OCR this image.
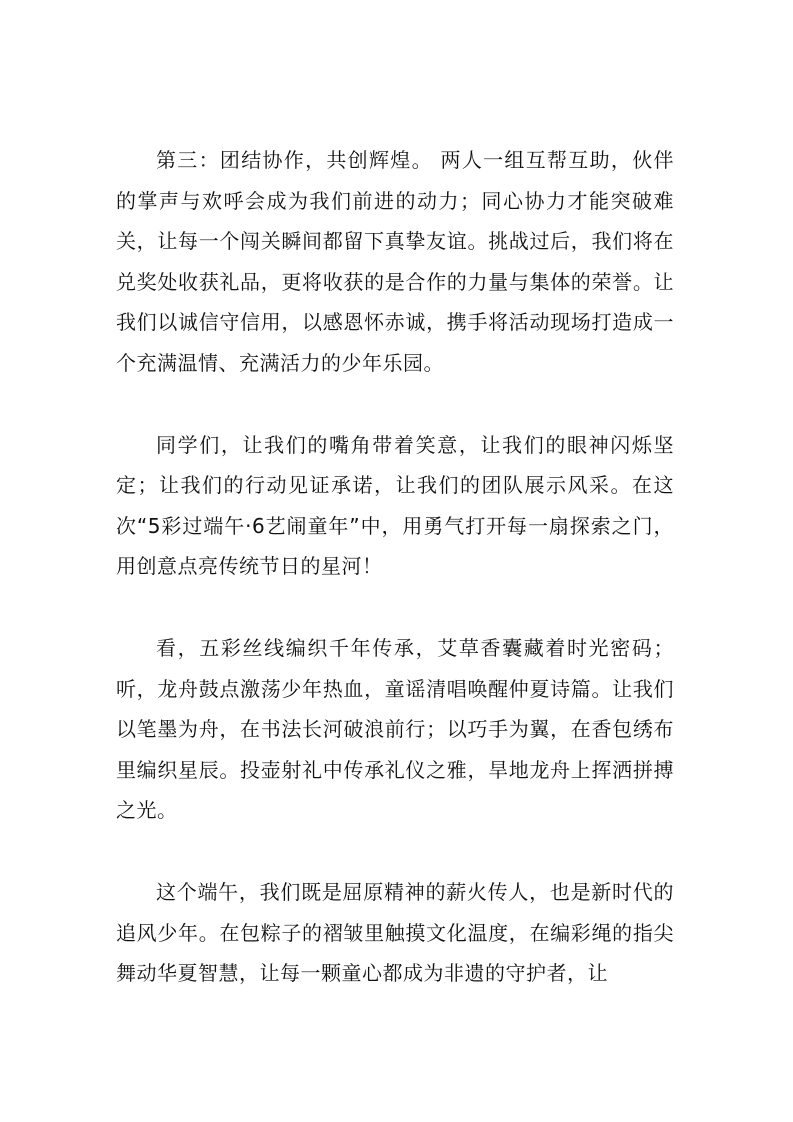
第三：团结协作，共创辉煌。 两人一组互帮互助，伙伴的掌声与欢呼会成为我们前进的动力；同心协力才能突破难关，让每一个闯关瞬间都留下真挚友谊。挑战过后，我们将在兑奖处收获礼品，更将收获的是合作的力量与集体的荣誉。让我们以诚信守信用，以感恩怀赤诚，携手将活动现场打造成一个充满温情、充满活力的少年乐园。

同学们，让我们的嘴角带着笑意，让我们的眼神闪烁坚定；让我们的行动见证承诺，让我们的团队展示风采。在这次“5彩过端午·6艺闹童年”中，用勇气打开每一扇探索之门，用创意点亮传统节日的星河！

看，五彩丝线编织千年传承，艾草香囊藏着时光密码；听，龙舟鼓点激荡少年热血，童谣清唱唤醒仲夏诗篇。让我们以笔墨为舟，在书法长河破浪前行；以巧手为翼，在香包绣布里编织星辰。投壶射礼中传承礼仪之雅，旱地龙舟上挥洒拼搏之光。

这个端午，我们既是屈原精神的薪火传人，也是新时代的追风少年。在包粽子的褶皱里触摸文化温度，在编彩绳的指尖舞动华夏智慧，让每一颗童心都成为非遗的守护者，让
